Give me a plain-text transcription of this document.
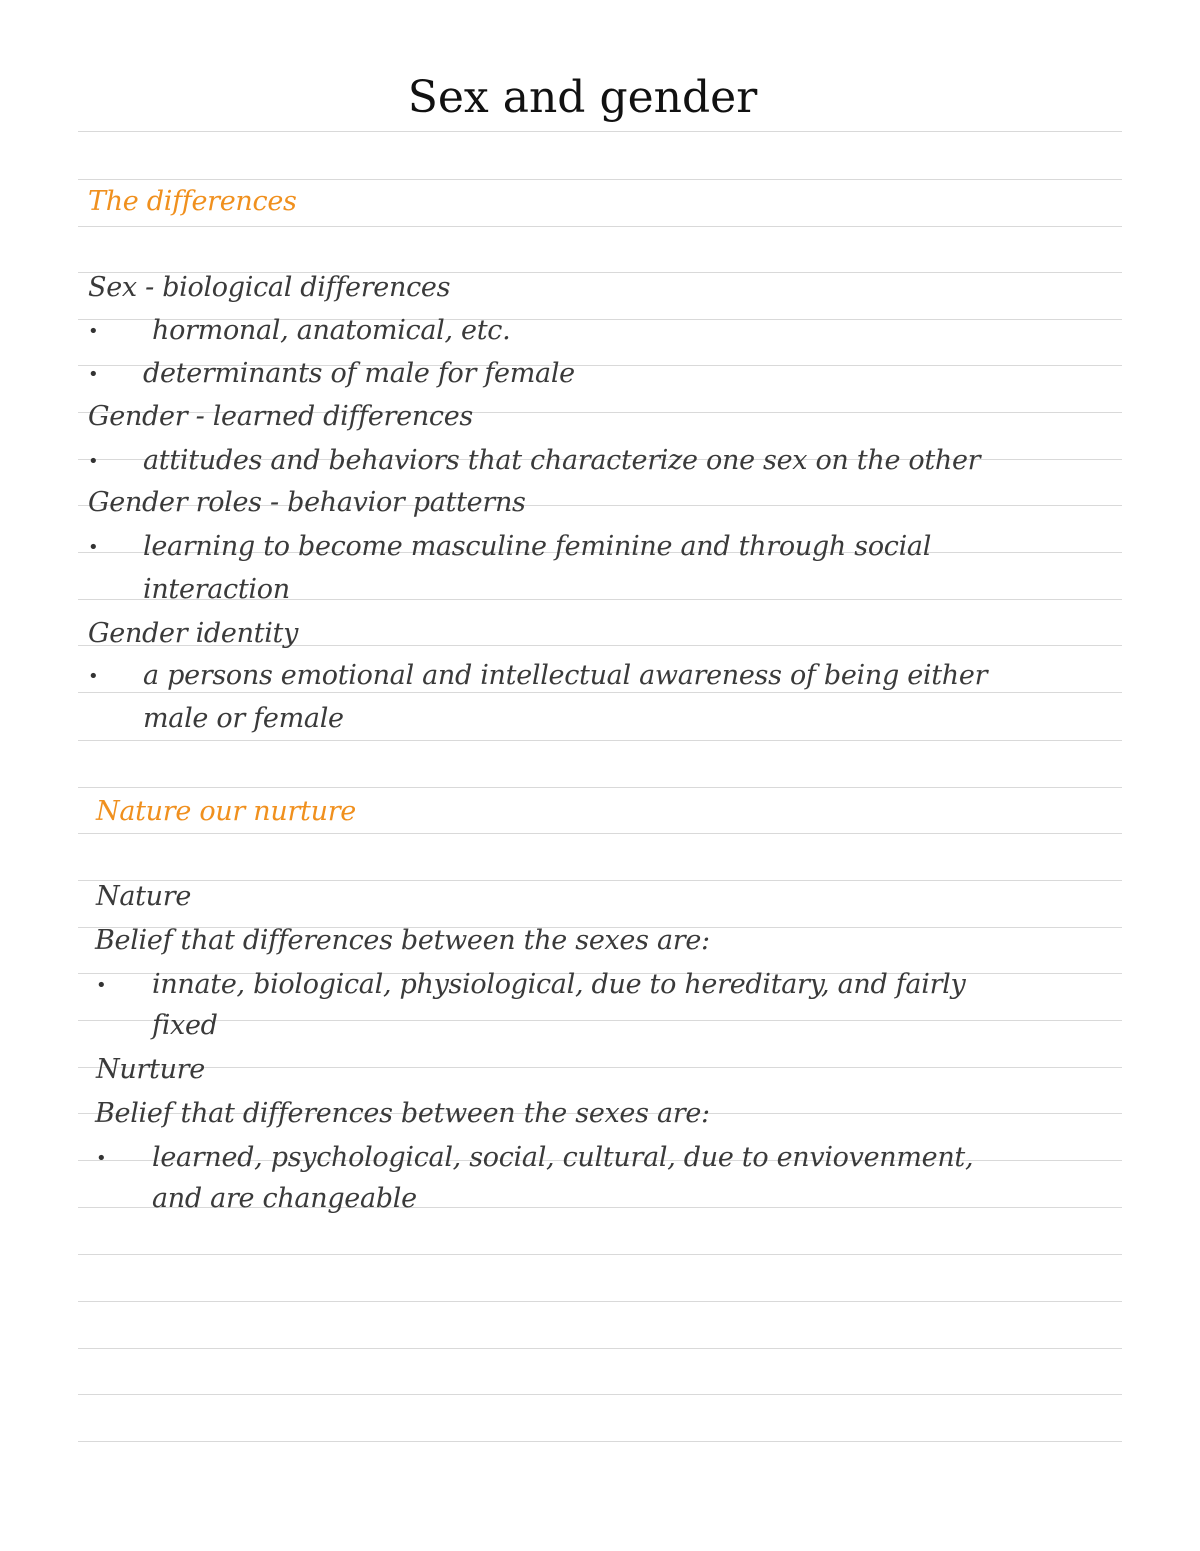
Sex and gender
The differences
Sex - biological differences
• hormonal, anatomical, etc.
• determinants of male for female
Gender - learned differences
• attitudes and behaviors that characterize one sex on the other
Gender roles - behavior patterns
• learning to become masculine feminine and through social
interaction
Gender identity
• a persons emotional and intellectual awareness of being either
male or female
Nature our nurture
Nature
Belief that differences between the sexes are:
• innate, biological, physiological, due to hereditary, and fairly
fixed
Nurture
Belief that differences between the sexes are:
• learned, psychological, social, cultural, due to enviovenment,
and are changeable
